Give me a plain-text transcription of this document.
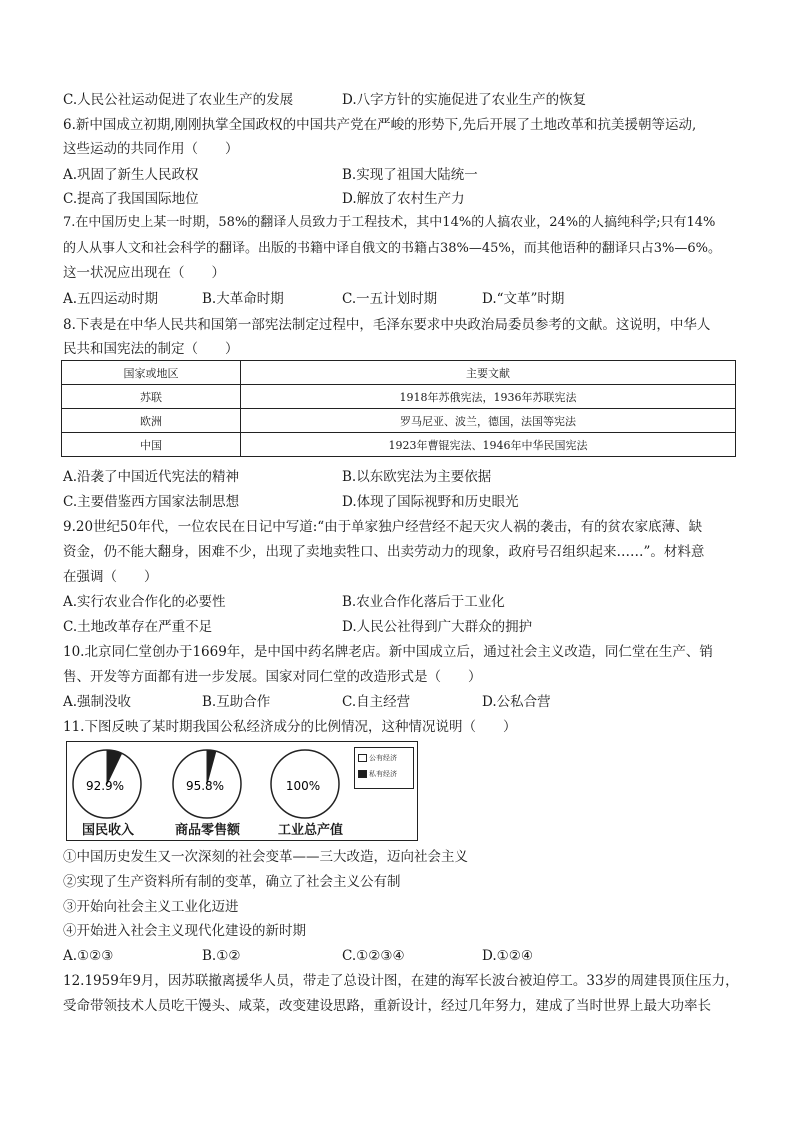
C.人民公社运动促进了农业生产的发展	D.八字方针的实施促进了农业生产的恢复
6.新中国成立初期,刚刚执掌全国政权的中国共产党在严峻的形势下,先后开展了土地改革和抗美援朝等运动,
这些运动的共同作用（　　）
A.巩固了新生人民政权	B.实现了祖国大陆统一
C.提高了我国国际地位	D.解放了农村生产力
7.在中国历史上某一时期，58%的翻译人员致力于工程技术，其中14%的人搞农业，24%的人搞纯科学;只有14%
的人从事人文和社会科学的翻译。出版的书籍中译自俄文的书籍占38%—45%，而其他语种的翻译只占3%—6%。
这一状况应出现在（　　）
A.五四运动时期	B.大革命时期	C.一五计划时期	D.“文革”时期
8.下表是在中华人民共和国第一部宪法制定过程中，毛泽东要求中央政治局委员参考的文献。这说明，中华人
民共和国宪法的制定（　　）
国家或地区	主要文献
苏联	1918年苏俄宪法，1936年苏联宪法
欧洲	罗马尼亚、波兰，德国，法国等宪法
中国	1923年曹锟宪法、1946年中华民国宪法
A.沿袭了中国近代宪法的精神	B.以东欧宪法为主要依据
C.主要借鉴西方国家法制思想	D.体现了国际视野和历史眼光
9.20世纪50年代，一位农民在日记中写道:“由于单家独户经营经不起天灾人祸的袭击，有的贫农家底薄、缺
资金，仍不能大翻身，困难不少，出现了卖地卖牲口、出卖劳动力的现象，政府号召组织起来……”。材料意
在强调（　　）
A.实行农业合作化的必要性	B.农业合作化落后于工业化
C.土地改革存在严重不足	D.人民公社得到广大群众的拥护
10.北京同仁堂创办于1669年，是中国中药名牌老店。新中国成立后，通过社会主义改造，同仁堂在生产、销
售、开发等方面都有进一步发展。国家对同仁堂的改造形式是（　　）
A.强制没收	B.互助合作	C.自主经营	D.公私合营
11.下图反映了某时期我国公私经济成分的比例情况，这种情况说明（　　）
92.9%	95.8%	100%
国民收入	商品零售额	工业总产值
公有经济
私有经济
①中国历史发生又一次深刻的社会变革——三大改造，迈向社会主义
②实现了生产资料所有制的变革，确立了社会主义公有制
③开始向社会主义工业化迈进
④开始进入社会主义现代化建设的新时期
A.①②③	B.①②	C.①②③④	D.①②④
12.1959年9月，因苏联撤离援华人员，带走了总设计图，在建的海军长波台被迫停工。33岁的周建畏顶住压力，
受命带领技术人员吃干馒头、咸菜，改变建设思路，重新设计，经过几年努力，建成了当时世界上最大功率长
